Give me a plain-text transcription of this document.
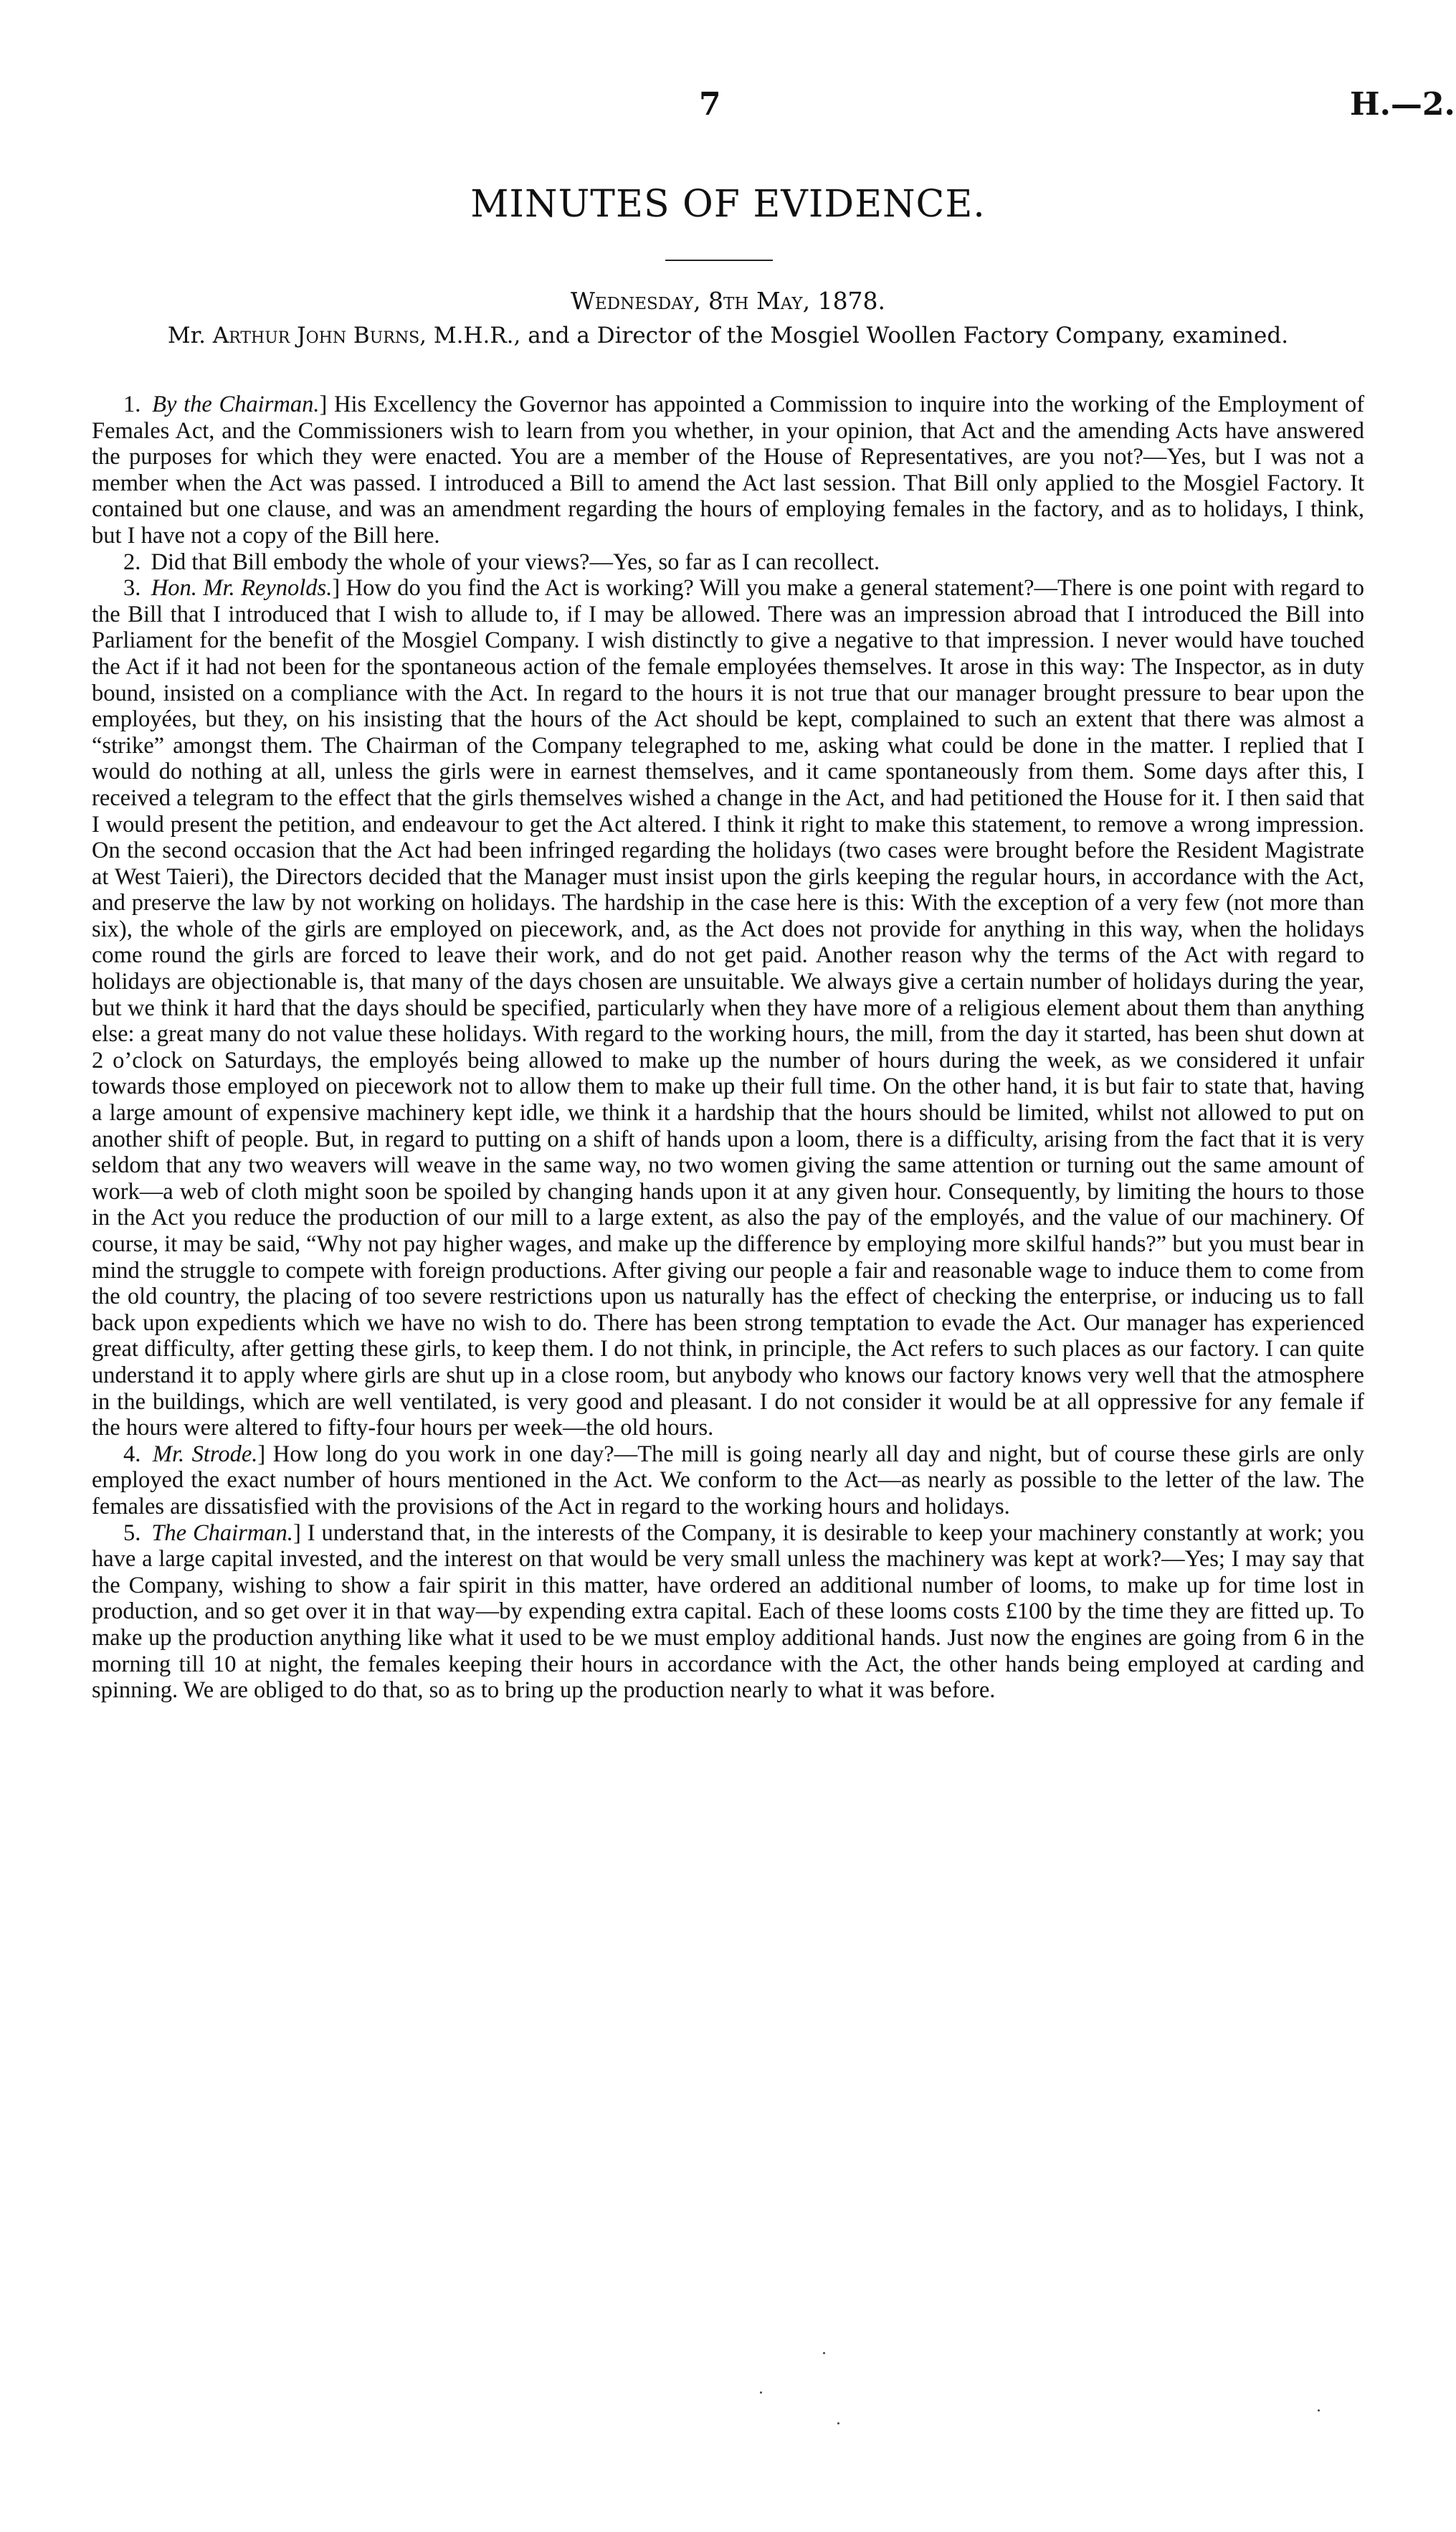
7	H.—2.
MINUTES OF EVIDENCE.
Wednesday, 8th May, 1878.
Mr. Arthur John Burns, M.H.R., and a Director of the Mosgiel Woollen Factory Company, examined.

1. By the Chairman.] His Excellency the Governor has appointed a Commission to inquire into the working of the Employment of Females Act, and the Commissioners wish to learn from you whether, in your opinion, that Act and the amending Acts have answered the purposes for which they were enacted. You are a member of the House of Representatives, are you not?—Yes, but I was not a member when the Act was passed. I introduced a Bill to amend the Act last session. That Bill only applied to the Mosgiel Factory. It contained but one clause, and was an amendment regarding the hours of employing females in the factory, and as to holidays, I think, but I have not a copy of the Bill here.

2. Did that Bill embody the whole of your views?—Yes, so far as I can recollect.

3. Hon. Mr. Reynolds.] How do you find the Act is working? Will you make a general statement?—There is one point with regard to the Bill that I introduced that I wish to allude to, if I may be allowed. There was an impression abroad that I introduced the Bill into Parliament for the benefit of the Mosgiel Company. I wish distinctly to give a negative to that impression. I never would have touched the Act if it had not been for the spontaneous action of the female employées themselves. It arose in this way: The Inspector, as in duty bound, insisted on a compliance with the Act. In regard to the hours it is not true that our manager brought pressure to bear upon the employées, but they, on his insisting that the hours of the Act should be kept, complained to such an extent that there was almost a “strike” amongst them. The Chairman of the Company telegraphed to me, asking what could be done in the matter. I replied that I would do nothing at all, unless the girls were in earnest themselves, and it came spontaneously from them. Some days after this, I received a telegram to the effect that the girls themselves wished a change in the Act, and had petitioned the House for it. I then said that I would present the petition, and endeavour to get the Act altered. I think it right to make this statement, to remove a wrong impression. On the second occasion that the Act had been infringed regarding the holidays (two cases were brought before the Resident Magistrate at West Taieri), the Directors decided that the Manager must insist upon the girls keeping the regular hours, in accordance with the Act, and preserve the law by not working on holidays. The hardship in the case here is this: With the exception of a very few (not more than six), the whole of the girls are employed on piecework, and, as the Act does not provide for anything in this way, when the holidays come round the girls are forced to leave their work, and do not get paid. Another reason why the terms of the Act with regard to holidays are objectionable is, that many of the days chosen are unsuitable. We always give a certain number of holidays during the year, but we think it hard that the days should be specified, particularly when they have more of a religious element about them than anything else: a great many do not value these holidays. With regard to the working hours, the mill, from the day it started, has been shut down at 2 o’clock on Saturdays, the employés being allowed to make up the number of hours during the week, as we considered it unfair towards those employed on piecework not to allow them to make up their full time. On the other hand, it is but fair to state that, having a large amount of expensive machinery kept idle, we think it a hardship that the hours should be limited, whilst not allowed to put on another shift of people. But, in regard to putting on a shift of hands upon a loom, there is a difficulty, arising from the fact that it is very seldom that any two weavers will weave in the same way, no two women giving the same attention or turning out the same amount of work—a web of cloth might soon be spoiled by changing hands upon it at any given hour. Consequently, by limiting the hours to those in the Act you reduce the production of our mill to a large extent, as also the pay of the employés, and the value of our machinery. Of course, it may be said, “Why not pay higher wages, and make up the difference by employing more skilful hands?” but you must bear in mind the struggle to compete with foreign productions. After giving our people a fair and reasonable wage to induce them to come from the old country, the placing of too severe restrictions upon us naturally has the effect of checking the enterprise, or inducing us to fall back upon expedients which we have no wish to do. There has been strong temptation to evade the Act. Our manager has experienced great difficulty, after getting these girls, to keep them. I do not think, in principle, the Act refers to such places as our factory. I can quite understand it to apply where girls are shut up in a close room, but anybody who knows our factory knows very well that the atmosphere in the buildings, which are well ventilated, is very good and pleasant. I do not consider it would be at all oppressive for any female if the hours were altered to fifty-four hours per week—the old hours.

4. Mr. Strode.] How long do you work in one day?—The mill is going nearly all day and night, but of course these girls are only employed the exact number of hours mentioned in the Act. We conform to the Act—as nearly as possible to the letter of the law. The females are dissatisfied with the provisions of the Act in regard to the working hours and holidays.

5. The Chairman.] I understand that, in the interests of the Company, it is desirable to keep your machinery constantly at work; you have a large capital invested, and the interest on that would be very small unless the machinery was kept at work?—Yes; I may say that the Company, wishing to show a fair spirit in this matter, have ordered an additional number of looms, to make up for time lost in production, and so get over it in that way—by expending extra capital. Each of these looms costs £100 by the time they are fitted up. To make up the production anything like what it used to be we must employ additional hands. Just now the engines are going from 6 in the morning till 10 at night, the females keeping their hours in accordance with the Act, the other hands being employed at carding and spinning. We are obliged to do that, so as to bring up the production nearly to what it was before.
